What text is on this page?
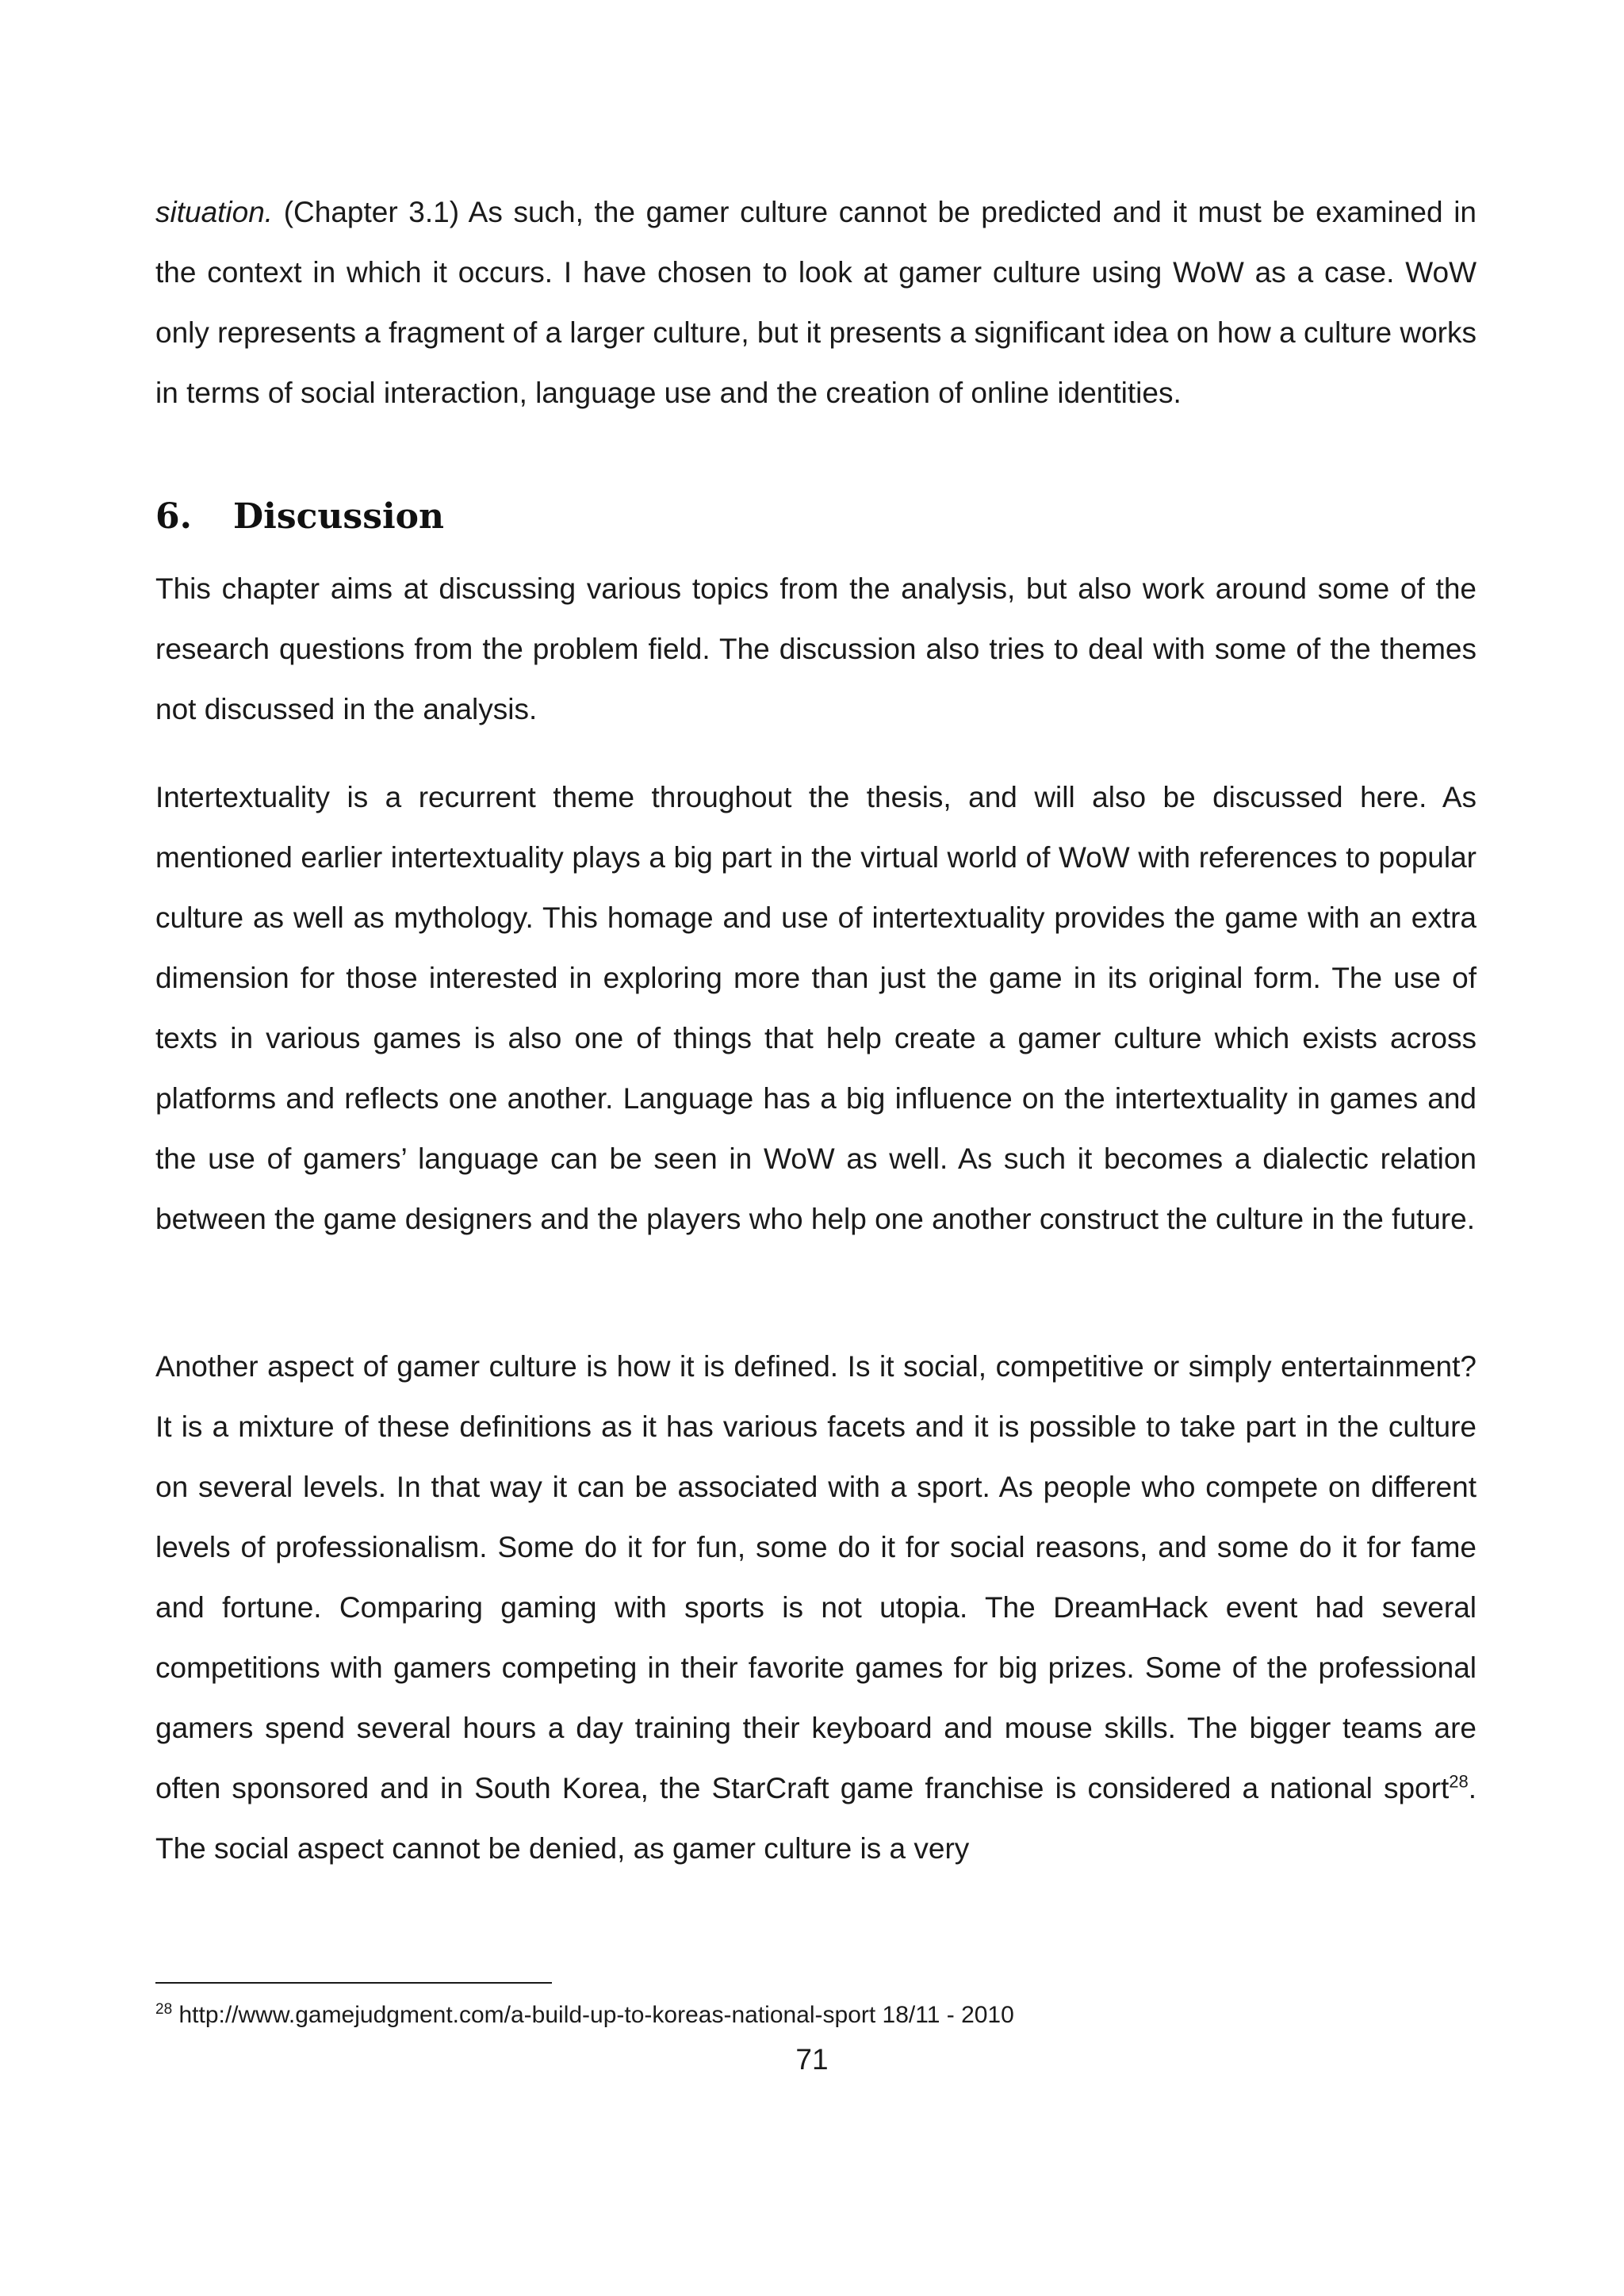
situation. (Chapter 3.1) As such, the gamer culture cannot be predicted and it must be examined in the context in which it occurs. I have chosen to look at gamer culture using WoW as a case. WoW only represents a fragment of a larger culture, but it presents a significant idea on how a culture works in terms of social interaction, language use and the creation of online identities.

6. Discussion

This chapter aims at discussing various topics from the analysis, but also work around some of the research questions from the problem field. The discussion also tries to deal with some of the themes not discussed in the analysis.

Intertextuality is a recurrent theme throughout the thesis, and will also be discussed here. As mentioned earlier intertextuality plays a big part in the virtual world of WoW with references to popular culture as well as mythology. This homage and use of intertextuality provides the game with an extra dimension for those interested in exploring more than just the game in its original form. The use of texts in various games is also one of things that help create a gamer culture which exists across platforms and reflects one another. Language has a big influence on the intertextuality in games and the use of gamers’ language can be seen in WoW as well. As such it becomes a dialectic relation between the game designers and the players who help one another construct the culture in the future.

Another aspect of gamer culture is how it is defined. Is it social, competitive or simply entertainment? It is a mixture of these definitions as it has various facets and it is possible to take part in the culture on several levels. In that way it can be associated with a sport. As people who compete on different levels of professionalism. Some do it for fun, some do it for social reasons, and some do it for fame and fortune. Comparing gaming with sports is not utopia. The DreamHack event had several competitions with gamers competing in their favorite games for big prizes. Some of the professional gamers spend several hours a day training their keyboard and mouse skills. The bigger teams are often sponsored and in South Korea, the StarCraft game franchise is considered a national sport$^{28}$. The social aspect cannot be denied, as gamer culture is a very

$^{28}$ http://www.gamejudgment.com/a-build-up-to-koreas-national-sport 18/11 - 2010

71
